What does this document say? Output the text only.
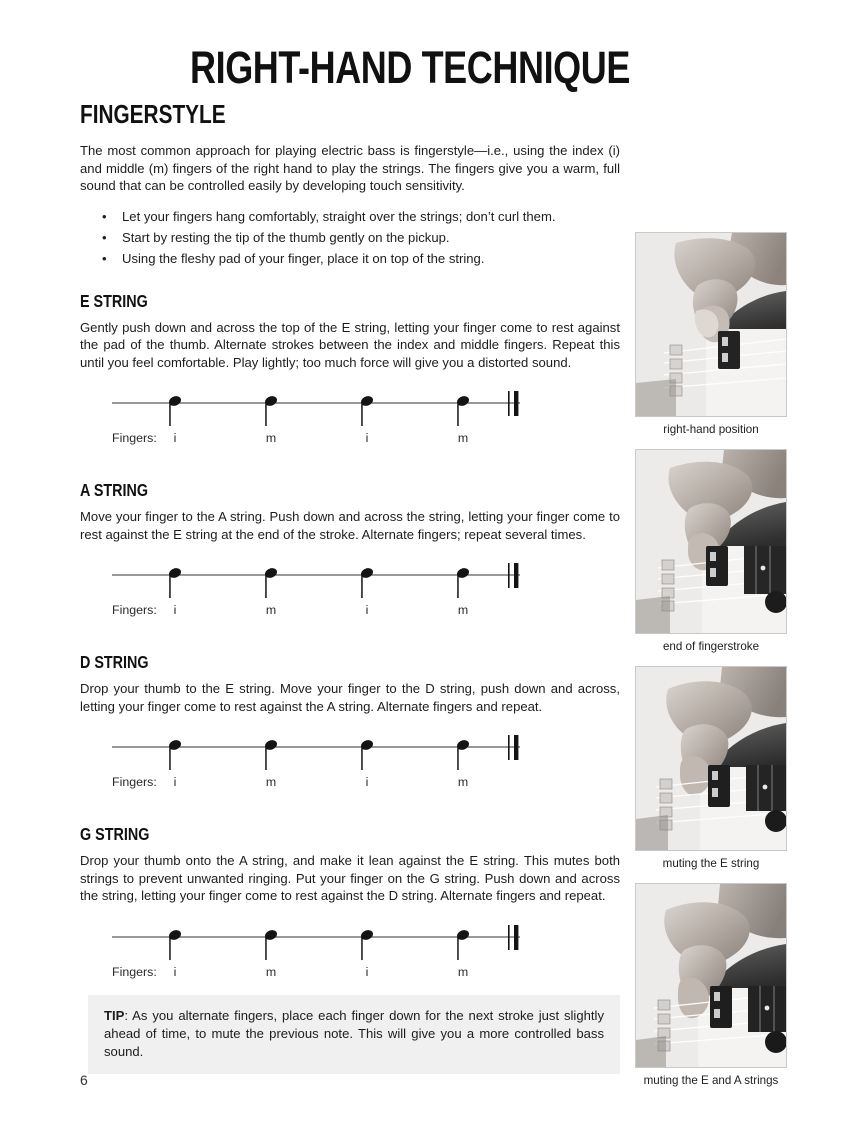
RIGHT-HAND TECHNIQUE
FINGERSTYLE

The most common approach for playing electric bass is fingerstyle—i.e., using the index (i) and middle (m) fingers of the right hand to play the strings. The fingers give you a warm, full sound that can be controlled easily by developing touch sensitivity.

• Let your fingers hang comfortably, straight over the strings; don’t curl them.
• Start by resting the tip of the thumb gently on the pickup.
• Using the fleshy pad of your finger, place it on top of the string.
E STRING

Gently push down and across the top of the E string, letting your finger come to rest against the pad of the thumb. Alternate strokes between the index and middle fingers. Repeat this until you feel comfortable. Play lightly; too much force will give you a distorted sound.

Fingers:	i	m	i	m
A STRING

Move your finger to the A string. Push down and across the string, letting your finger come to rest against the E string at the end of the stroke. Alternate fingers; repeat several times.

Fingers:	i	m	i	m
D STRING

Drop your thumb to the E string. Move your finger to the D string, push down and across, letting your finger come to rest against the A string. Alternate fingers and repeat.

Fingers:	i	m	i	m
G STRING

Drop your thumb onto the A string, and make it lean against the E string. This mutes both strings to prevent unwanted ringing. Put your finger on the G string. Push down and across the string, letting your finger come to rest against the D string. Alternate fingers and repeat.

Fingers:	i	m	i	m

TIP: As you alternate fingers, place each finger down for the next stroke just slightly ahead of time, to mute the previous note. This will give you a more controlled bass sound.

6
right-hand position
end of fingerstroke
muting the E string
muting the E and A strings
